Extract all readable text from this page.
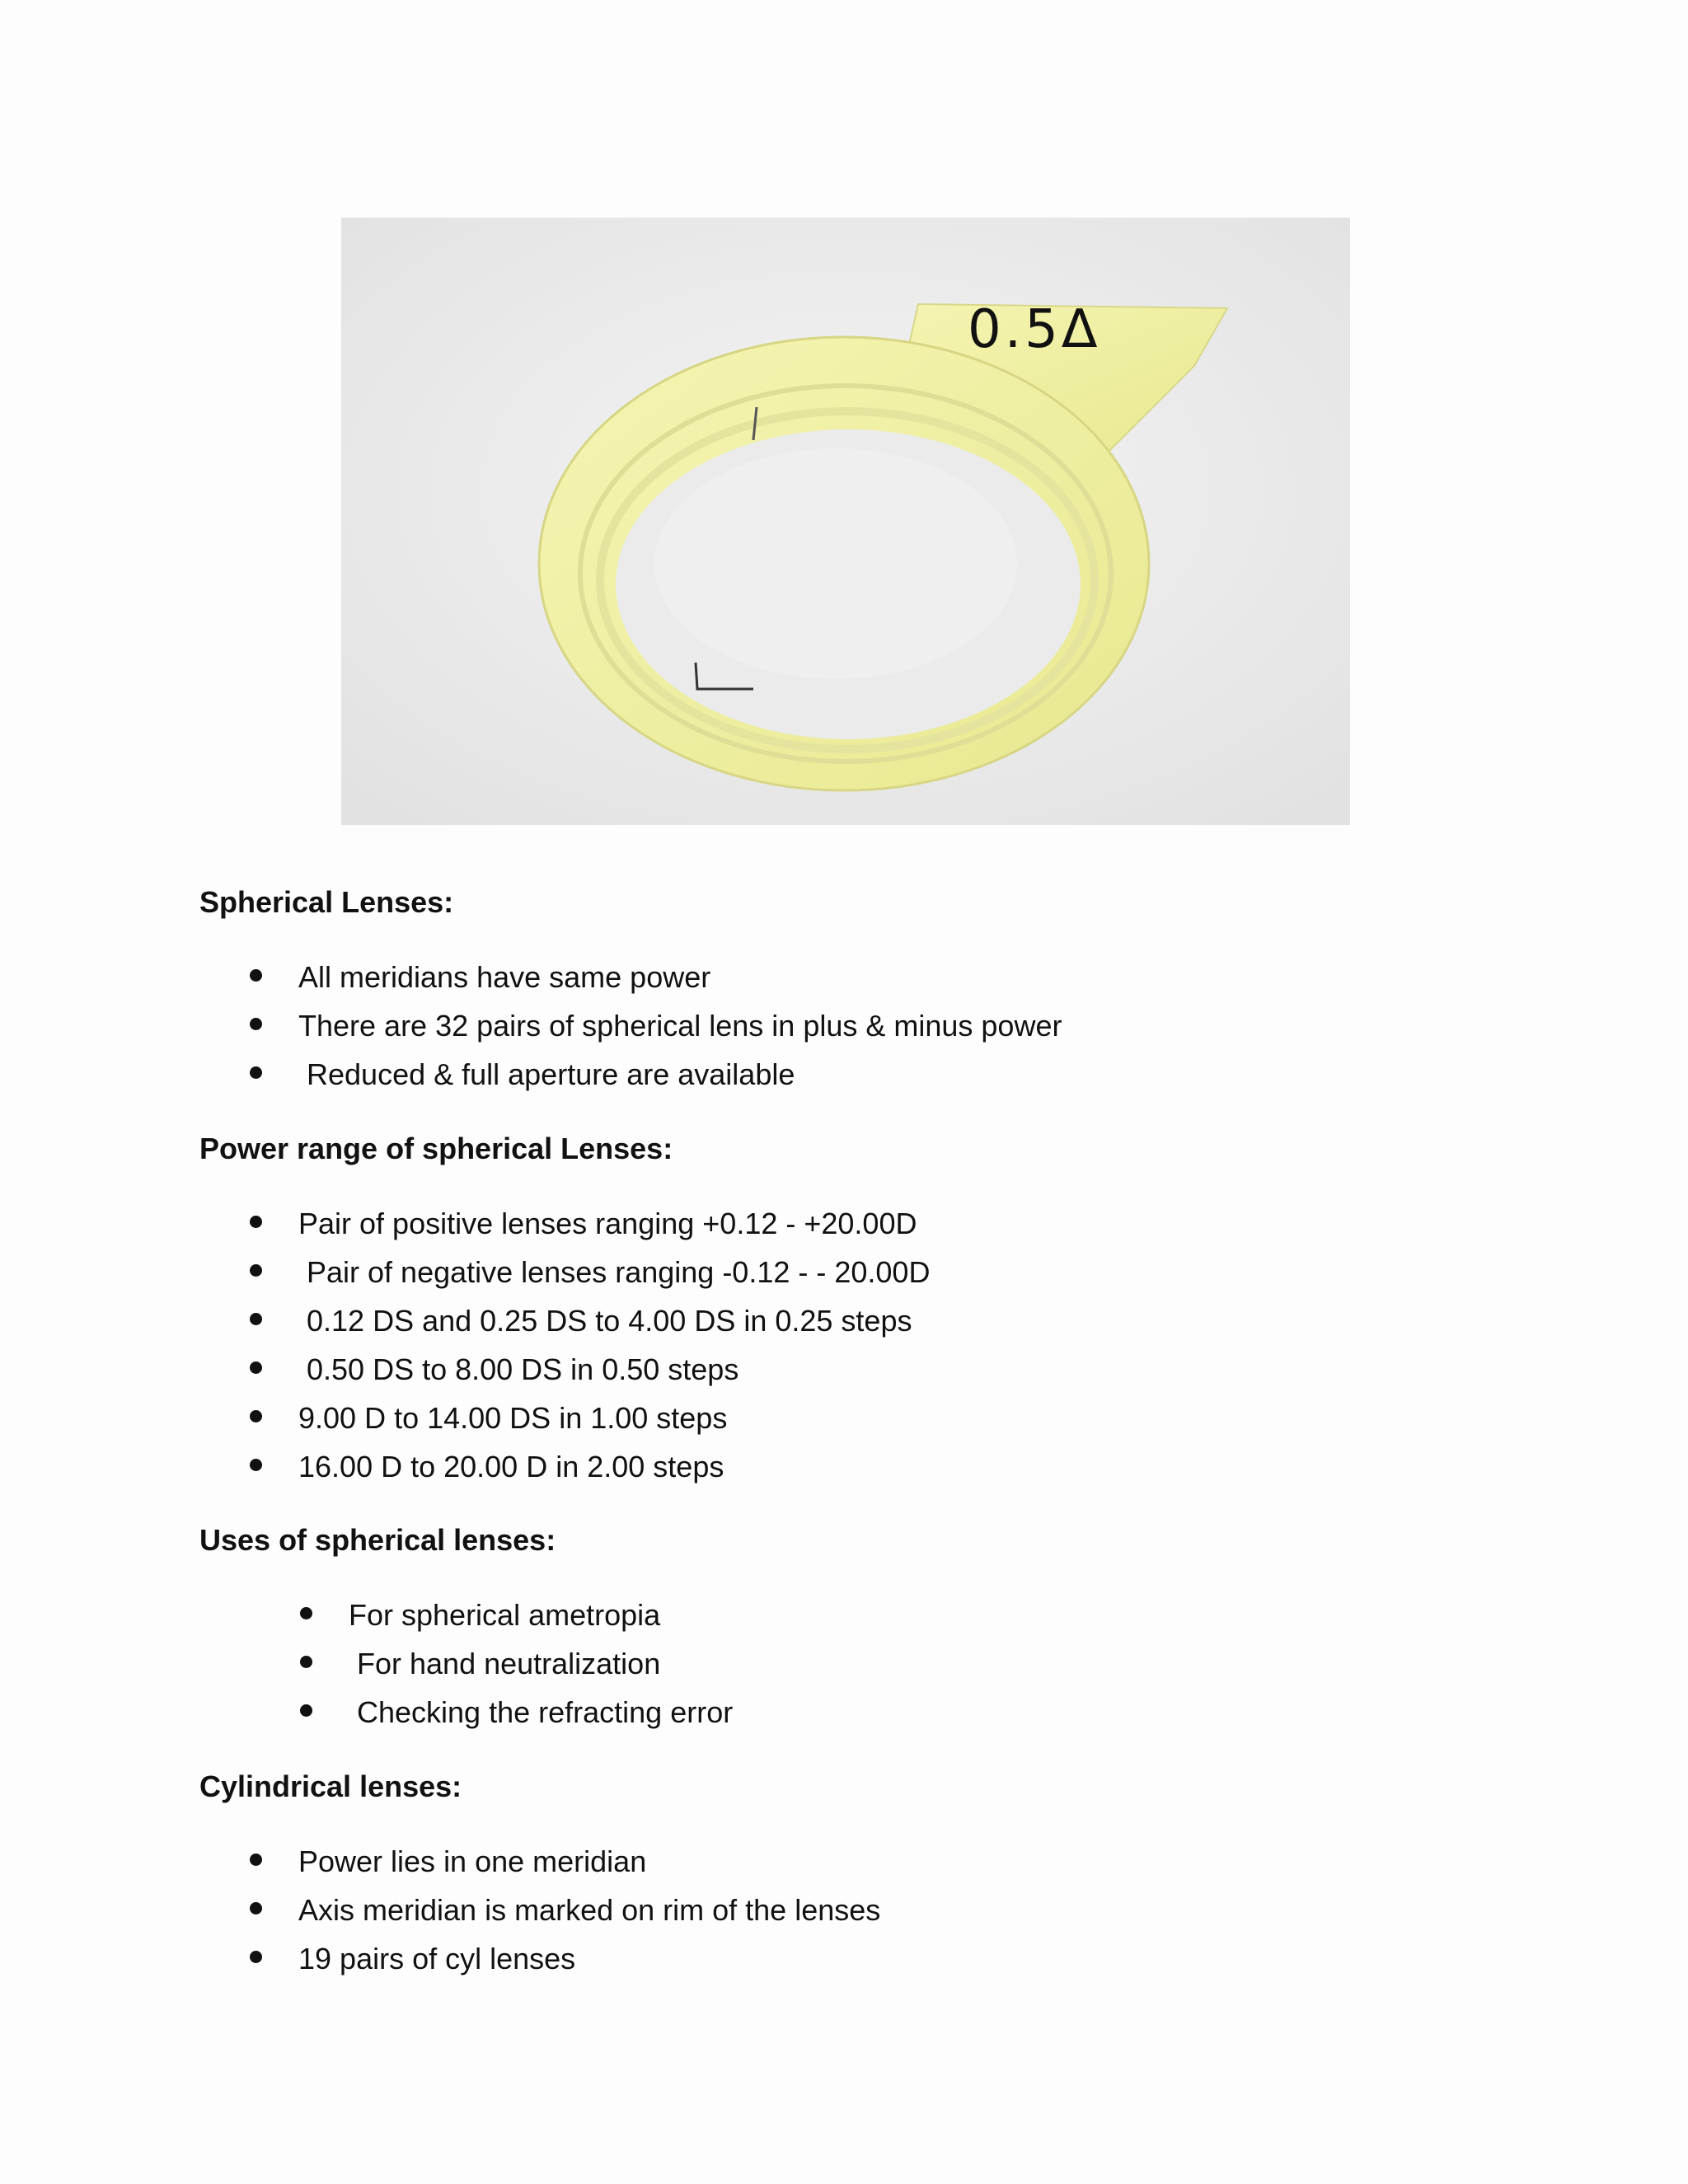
0.5Δ
Spherical Lenses:
All meridians have same power
There are 32 pairs of spherical lens in plus & minus power
Reduced & full aperture are available
Power range of spherical Lenses:
Pair of positive lenses ranging +0.12 - +20.00D
Pair of negative lenses ranging -0.12 - - 20.00D
0.12 DS and 0.25 DS to 4.00 DS in 0.25 steps
0.50 DS to 8.00 DS in 0.50 steps
9.00 D to 14.00 DS in 1.00 steps
16.00 D to 20.00 D in 2.00 steps
Uses of spherical lenses:
For spherical ametropia
For hand neutralization
Checking the refracting error
Cylindrical lenses:
Power lies in one meridian
Axis meridian is marked on rim of the lenses
19 pairs of cyl lenses
